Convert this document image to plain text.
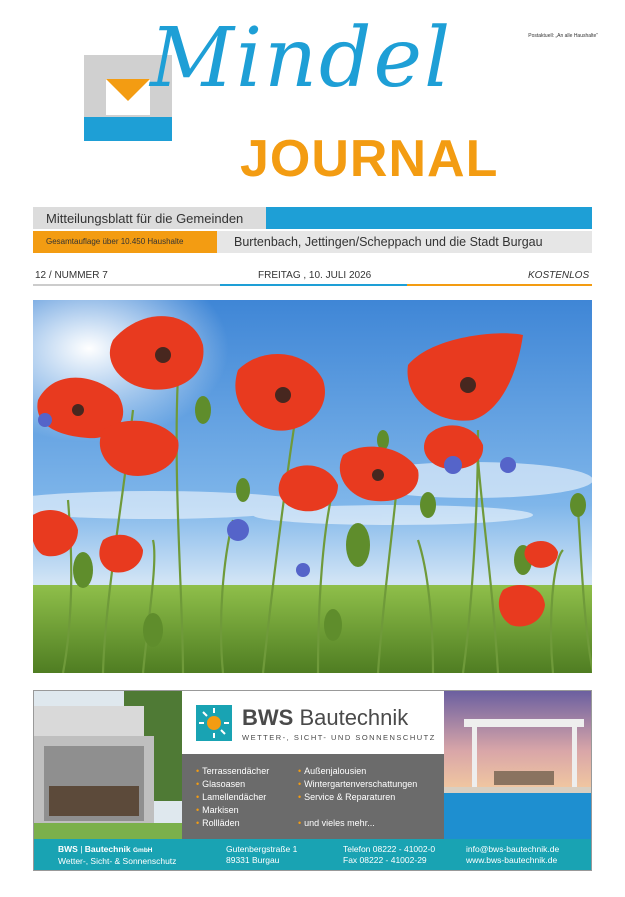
Postaktuell: „An alle Haushalte“
Mindel
JOURNAL
Mitteilungsblatt für die Gemeinden
Gesamtauflage über 10.450 Haushalte	Burtenbach, Jettingen/Scheppach und die Stadt Burgau
12 / NUMMER 7	FREITAG , 10. JULI 2026	KOSTENLOS
BWS Bautechnik
WETTER-, SICHT- UND SONNENSCHUTZ
• Terrassendächer
• Glasoasen
• Lamellendächer
• Markisen
• Rollläden
• Außenjalousien
• Wintergartenverschattungen
• Service & Reparaturen
• und vieles mehr...
BWS | Bautechnik GmbH
Wetter-, Sicht- & Sonnenschutz
Gutenbergstraße 1
89331 Burgau
Telefon 08222 - 41002-0
Fax 08222 - 41002-29
info@bws-bautechnik.de
www.bws-bautechnik.de
